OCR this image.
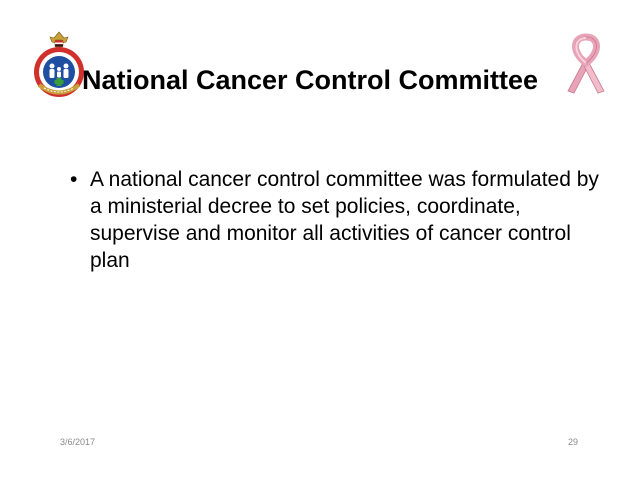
National Cancer Control Committee
• A national cancer control committee was formulated by a ministerial decree to set policies, coordinate, supervise and monitor all activities of cancer control plan
3/6/2017	29
